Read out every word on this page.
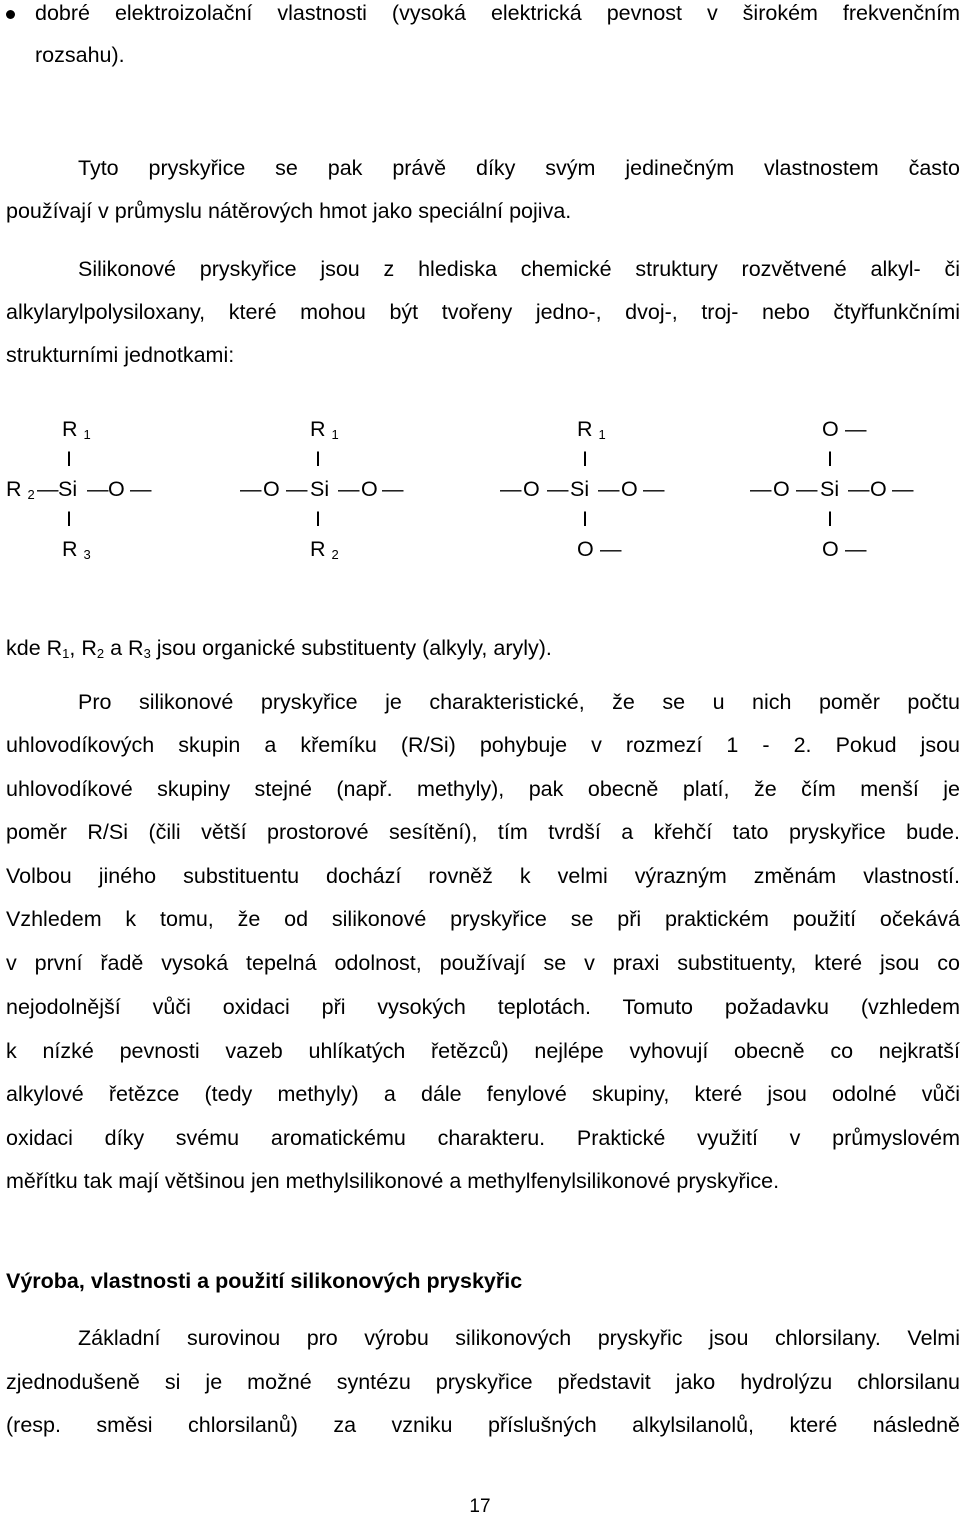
dobré elektroizolační vlastnosti (vysoká elektrická pevnost v širokém frekvenčním
rozsahu).
Tyto pryskyřice se pak právě díky svým jedinečným vlastnostem často
používají v průmyslu nátěrových hmot jako speciální pojiva.
Silikonové pryskyřice jsou z hlediska chemické struktury rozvětvené alkyl- či
alkylarylpolysiloxany, které mohou být tvořeny jedno-, dvoj-, troj- nebo čtyřfunkčními
strukturními jednotkami:
R $_1$
I
R $_2$ — Si — O —
I
R $_3$
R $_1$
I
— O — Si — O —
I
R $_2$
R $_1$
I
— O — Si — O —
I
O —
O —
I
— O — Si — O —
I
O —
kde $R_1$, $R_2$ a $R_3$ jsou organické substituenty (alkyly, aryly).
Pro silikonové pryskyřice je charakteristické, že se u nich poměr počtu
uhlovodíkových skupin a křemíku (R/Si) pohybuje v rozmezí 1 - 2. Pokud jsou
uhlovodíkové skupiny stejné (např. methyly), pak obecně platí, že čím menší je
poměr R/Si (čili větší prostorové sesítění), tím tvrdší a křehčí tato pryskyřice bude.
Volbou jiného substituentu dochází rovněž k velmi výrazným změnám vlastností.
Vzhledem k tomu, že od silikonové pryskyřice se při praktickém použití očekává
v první řadě vysoká tepelná odolnost, používají se v praxi substituenty, které jsou co
nejodolnější vůči oxidaci při vysokých teplotách. Tomuto požadavku (vzhledem
k nízké pevnosti vazeb uhlíkatých řetězců) nejlépe vyhovují obecně co nejkratší
alkylové řetězce (tedy methyly) a dále fenylové skupiny, které jsou odolné vůči
oxidaci díky svému aromatickému charakteru. Praktické využití v průmyslovém
měřítku tak mají většinou jen methylsilikonové a methylfenylsilikonové pryskyřice.
Výroba, vlastnosti a použití silikonových pryskyřic
Základní surovinou pro výrobu silikonových pryskyřic jsou chlorsilany. Velmi
zjednodušeně si je možné syntézu pryskyřice představit jako hydrolýzu chlorsilanu
(resp. směsi chlorsilanů) za vzniku příslušných alkylsilanolů, které následně
17
